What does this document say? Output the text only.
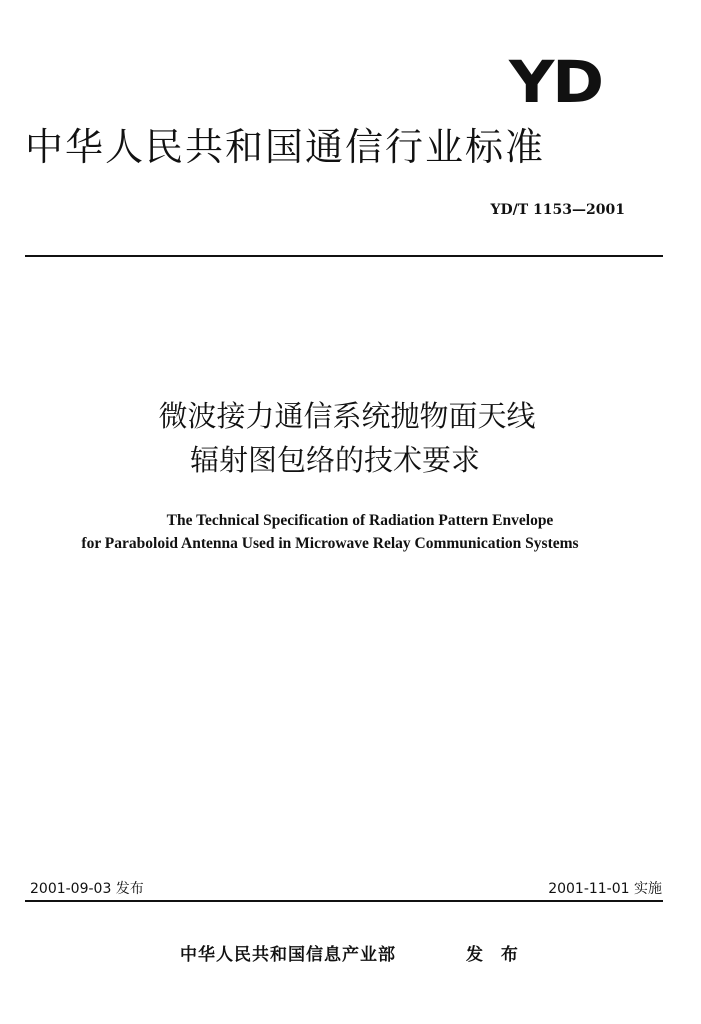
YD
中华人民共和国通信行业标准
YD/T 1153—2001
微波接力通信系统抛物面天线
辐射图包络的技术要求
The Technical Specification of Radiation Pattern Envelope
for Paraboloid Antenna Used in Microwave Relay Communication Systems
2001-09-03 发布	2001-11-01 实施
中华人民共和国信息产业部	发 布
